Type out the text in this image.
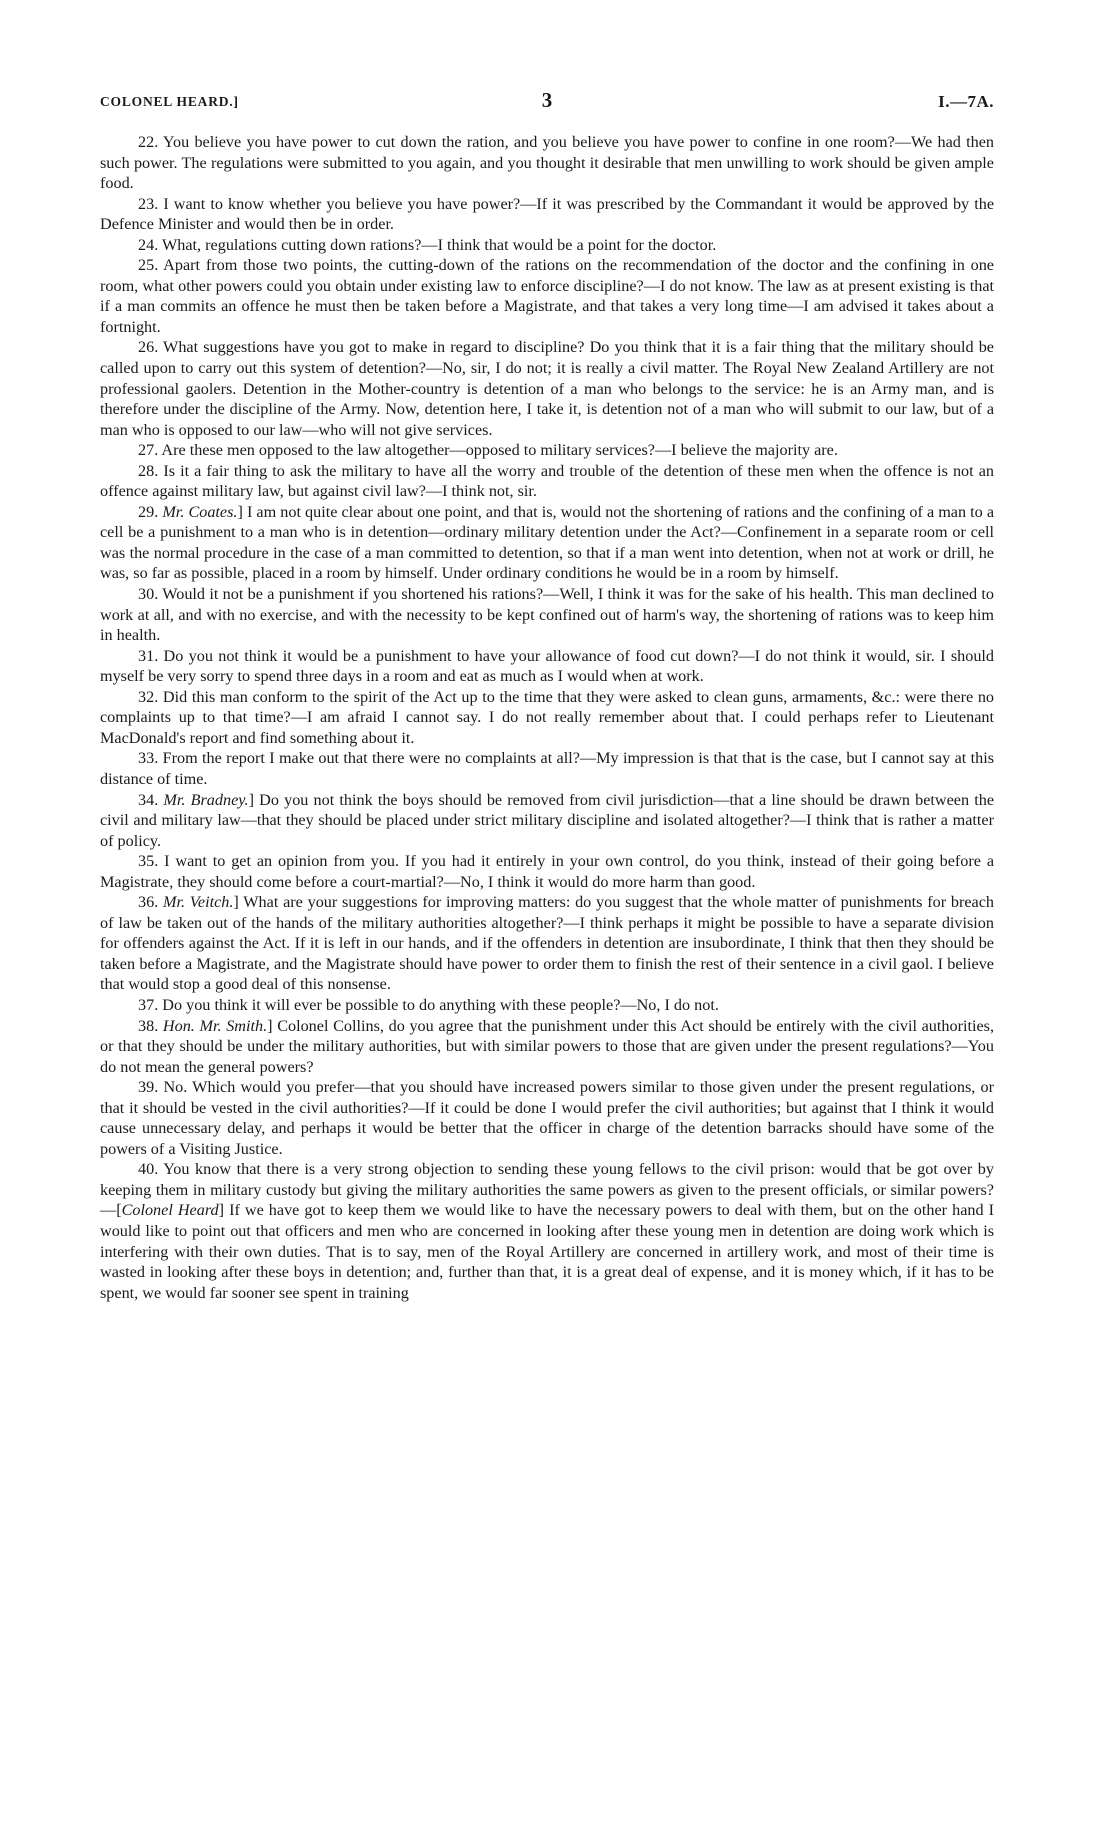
COLONEL HEARD.]	3	I.—7A.

22. You believe you have power to cut down the ration, and you believe you have power to confine in one room?—We had then such power. The regulations were submitted to you again, and you thought it desirable that men unwilling to work should be given ample food.

23. I want to know whether you believe you have power?—If it was prescribed by the Commandant it would be approved by the Defence Minister and would then be in order.

24. What, regulations cutting down rations?—I think that would be a point for the doctor.

25. Apart from those two points, the cutting-down of the rations on the recommendation of the doctor and the confining in one room, what other powers could you obtain under existing law to enforce discipline?—I do not know. The law as at present existing is that if a man commits an offence he must then be taken before a Magistrate, and that takes a very long time—I am advised it takes about a fortnight.

26. What suggestions have you got to make in regard to discipline? Do you think that it is a fair thing that the military should be called upon to carry out this system of detention?—No, sir, I do not; it is really a civil matter. The Royal New Zealand Artillery are not professional gaolers. Detention in the Mother-country is detention of a man who belongs to the service: he is an Army man, and is therefore under the discipline of the Army. Now, detention here, I take it, is detention not of a man who will submit to our law, but of a man who is opposed to our law—who will not give services.

27. Are these men opposed to the law altogether—opposed to military services?—I believe the majority are.

28. Is it a fair thing to ask the military to have all the worry and trouble of the detention of these men when the offence is not an offence against military law, but against civil law?—I think not, sir.

29. Mr. Coates.] I am not quite clear about one point, and that is, would not the shortening of rations and the confining of a man to a cell be a punishment to a man who is in detention—ordinary military detention under the Act?—Confinement in a separate room or cell was the normal procedure in the case of a man committed to detention, so that if a man went into detention, when not at work or drill, he was, so far as possible, placed in a room by himself. Under ordinary conditions he would be in a room by himself.

30. Would it not be a punishment if you shortened his rations?—Well, I think it was for the sake of his health. This man declined to work at all, and with no exercise, and with the necessity to be kept confined out of harm's way, the shortening of rations was to keep him in health.

31. Do you not think it would be a punishment to have your allowance of food cut down?—I do not think it would, sir. I should myself be very sorry to spend three days in a room and eat as much as I would when at work.

32. Did this man conform to the spirit of the Act up to the time that they were asked to clean guns, armaments, &c.: were there no complaints up to that time?—I am afraid I cannot say. I do not really remember about that. I could perhaps refer to Lieutenant MacDonald's report and find something about it.

33. From the report I make out that there were no complaints at all?—My impression is that that is the case, but I cannot say at this distance of time.

34. Mr. Bradney.] Do you not think the boys should be removed from civil jurisdiction—that a line should be drawn between the civil and military law—that they should be placed under strict military discipline and isolated altogether?—I think that is rather a matter of policy.

35. I want to get an opinion from you. If you had it entirely in your own control, do you think, instead of their going before a Magistrate, they should come before a court-martial?—No, I think it would do more harm than good.

36. Mr. Veitch.] What are your suggestions for improving matters: do you suggest that the whole matter of punishments for breach of law be taken out of the hands of the military authorities altogether?—I think perhaps it might be possible to have a separate division for offenders against the Act. If it is left in our hands, and if the offenders in detention are insubordinate, I think that then they should be taken before a Magistrate, and the Magistrate should have power to order them to finish the rest of their sentence in a civil gaol. I believe that would stop a good deal of this nonsense.

37. Do you think it will ever be possible to do anything with these people?—No, I do not.

38. Hon. Mr. Smith.] Colonel Collins, do you agree that the punishment under this Act should be entirely with the civil authorities, or that they should be under the military authorities, but with similar powers to those that are given under the present regulations?—You do not mean the general powers?

39. No. Which would you prefer—that you should have increased powers similar to those given under the present regulations, or that it should be vested in the civil authorities?—If it could be done I would prefer the civil authorities; but against that I think it would cause unnecessary delay, and perhaps it would be better that the officer in charge of the detention barracks should have some of the powers of a Visiting Justice.

40. You know that there is a very strong objection to sending these young fellows to the civil prison: would that be got over by keeping them in military custody but giving the military authorities the same powers as given to the present officials, or similar powers?—[Colonel Heard] If we have got to keep them we would like to have the necessary powers to deal with them, but on the other hand I would like to point out that officers and men who are concerned in looking after these young men in detention are doing work which is interfering with their own duties. That is to say, men of the Royal Artillery are concerned in artillery work, and most of their time is wasted in looking after these boys in detention; and, further than that, it is a great deal of expense, and it is money which, if it has to be spent, we would far sooner see spent in training
